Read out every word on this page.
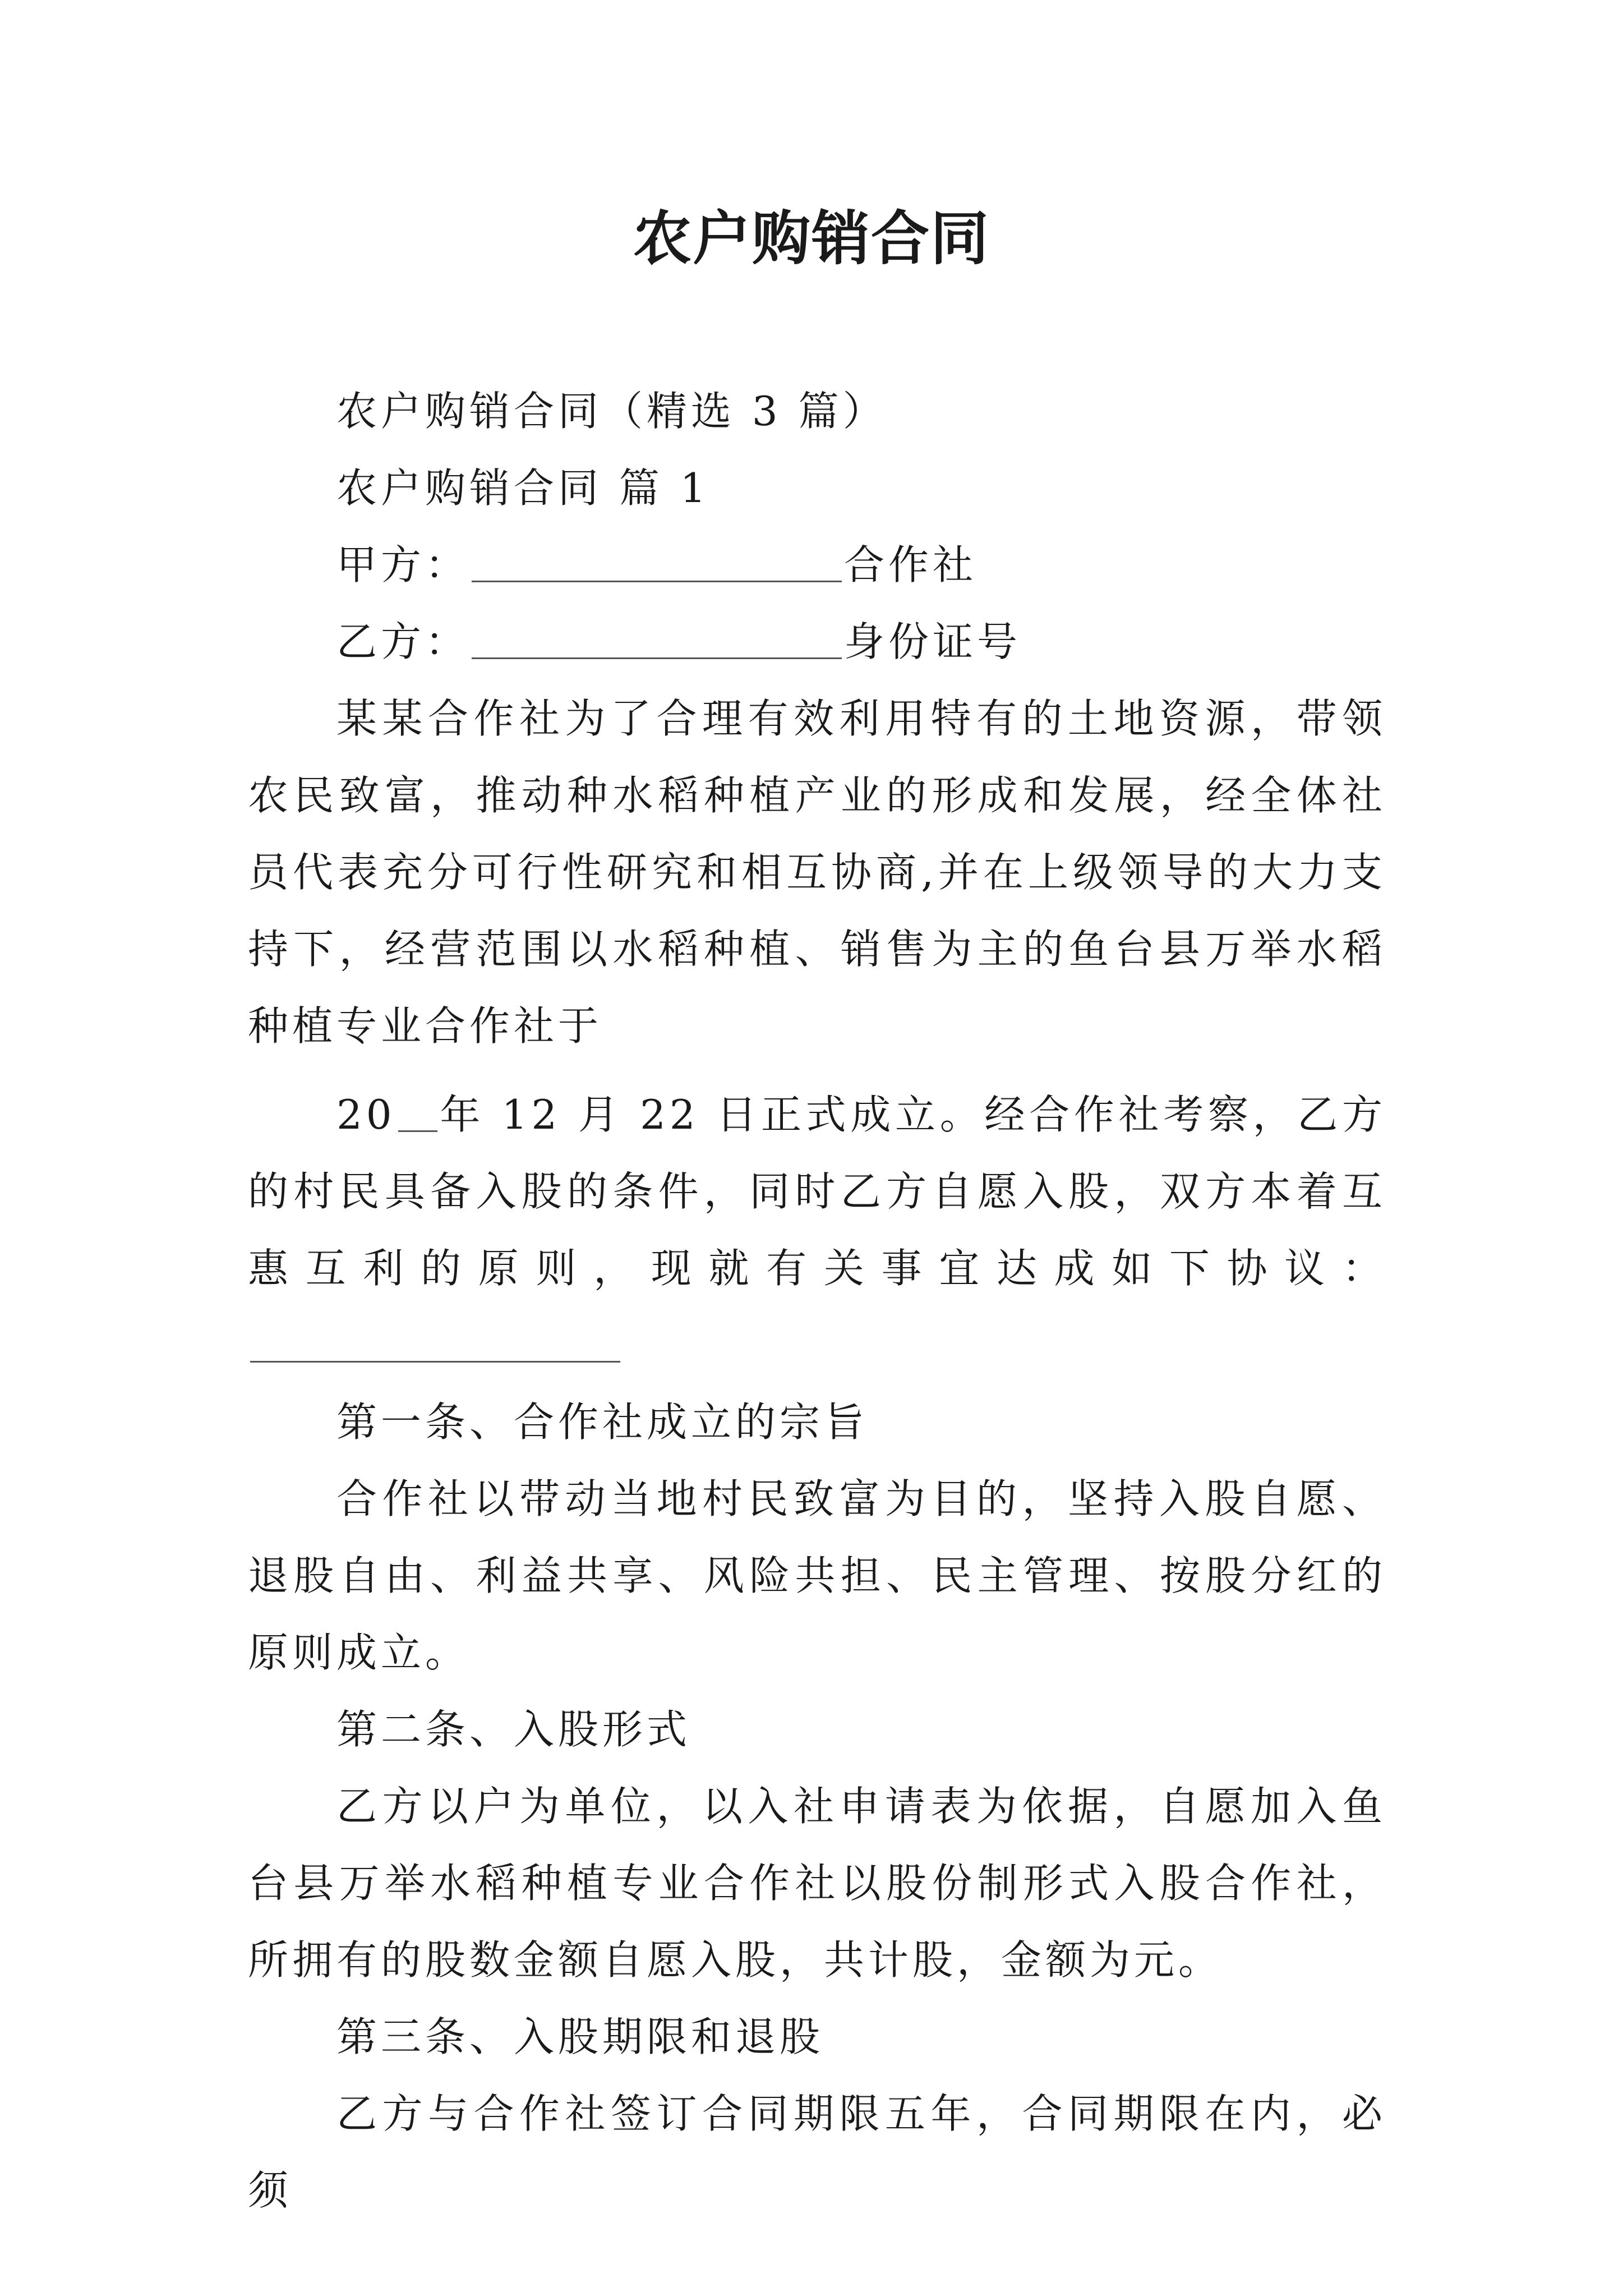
农户购销合同

农户购销合同（精选 3 篇）

农户购销合同 篇 1

甲方：	合作社

乙方：	身份证号

某某合作社为了合理有效利用特有的土地资源，带领农民致富，推动种水稻种植产业的形成和发展，经全体社员代表充分可行性研究和相互协商,并在上级领导的大力支持下，经营范围以水稻种植、销售为主的鱼台县万举水稻种植专业合作社于

20 年 12 月 22 日正式成立。经合作社考察，乙方的村民具备入股的条件，同时乙方自愿入股，双方本着互惠互利的原则，现就有关事宜达成如下协议：

第一条、合作社成立的宗旨

合作社以带动当地村民致富为目的，坚持入股自愿、退股自由、利益共享、风险共担、民主管理、按股分红的原则成立。

第二条、入股形式

乙方以户为单位，以入社申请表为依据，自愿加入鱼台县万举水稻种植专业合作社以股份制形式入股合作社，所拥有的股数金额自愿入股，共计股，金额为元。

第三条、入股期限和退股

乙方与合作社签订合同期限五年，合同期限在内，必须
